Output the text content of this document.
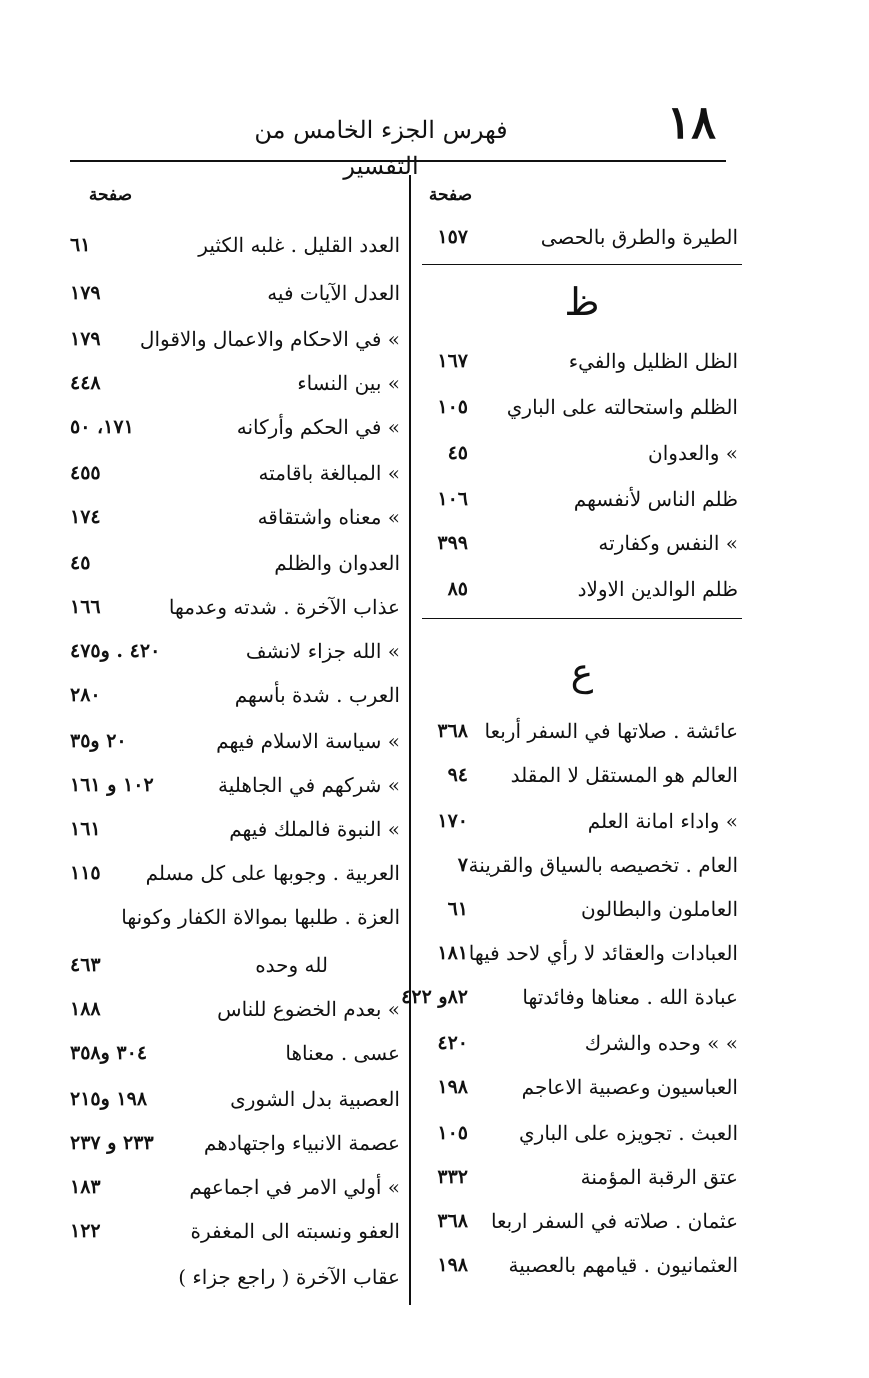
١٨
فهرس الجزء الخامس من التفسير
صفحة
صفحة
الطيرة والطرق بالحصى
١٥٧
ظ
الظل الظليل والفيء
١٦٧
الظلم واستحالته على الباري
١٠٥
» والعدوان
٤٥
ظلم الناس لأنفسهم
١٠٦
» النفس وكفارته
٣٩٩
ظلم الوالدين الاولاد
٨٥
ع
عائشة . صلاتها في السفر أربعا
٣٦٨
العالم هو المستقل لا المقلد
٩٤
» واداء امانة العلم
١٧٠
العام . تخصيصه بالسياق والقرينة
٧
العاملون والبطالون
٦١
العبادات والعقائد لا رأي لاحد فيها
١٨١
عبادة الله . معناها وفائدتها
٨٢و ٤٢٢
» » وحده والشرك
٤٢٠
العباسيون وعصبية الاعاجم
١٩٨
العبث . تجويزه على الباري
١٠٥
عتق الرقبة المؤمنة
٣٣٢
عثمان . صلاته في السفر اربعا
٣٦٨
العثمانيون . قيامهم بالعصبية
١٩٨
العدد القليل . غلبه الكثير
٦١
العدل الآيات فيه
١٧٩
» في الاحكام والاعمال والاقوال
١٧٩
» بين النساء
٤٤٨
» في الحكم وأركانه
١٧١، ٥٠
» المبالغة باقامته
٤٥٥
» معناه واشتقاقه
١٧٤
العدوان والظلم
٤٥
عذاب الآخرة . شدته وعدمها
١٦٦
» الله جزاء لانشف
٤٢٠ . و٤٧٥
العرب . شدة بأسهم
٢٨٠
» سياسة الاسلام فيهم
٢٠ و٣٥
» شركهم في الجاهلية
١٠٢ و ١٦١
» النبوة فالملك فيهم
١٦١
العربية . وجوبها على كل مسلم
١١٥
العزة . طلبها بموالاة الكفار وكونها
لله وحده
٤٦٣
» بعدم الخضوع للناس
١٨٨
عسى . معناها
٣٠٤ و٣٥٨
العصبية بدل الشورى
١٩٨ و٢١٥
عصمة الانبياء واجتهادهم
٢٣٣ و ٢٣٧
» أولي الامر في اجماعهم
١٨٣
العفو ونسبته الى المغفرة
١٢٢
عقاب الآخرة ( راجع جزاء )
